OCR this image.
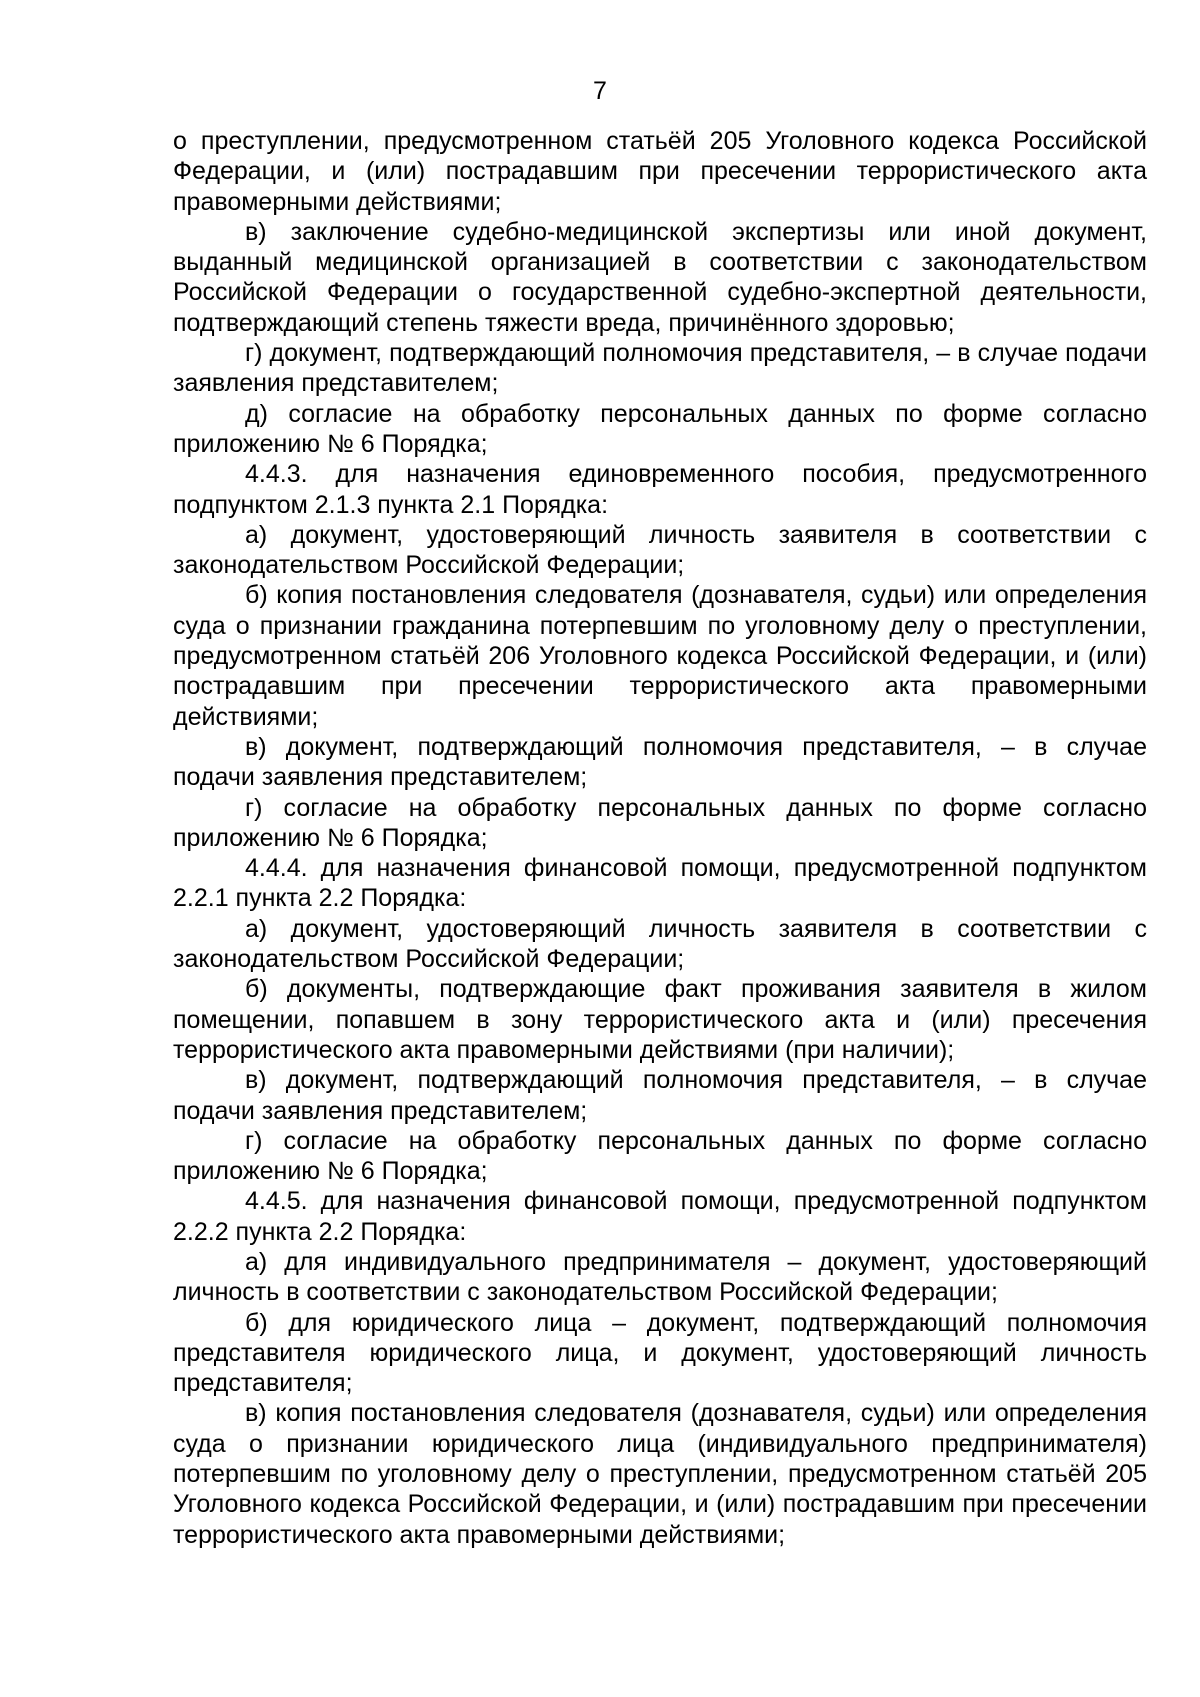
7

о преступлении, предусмотренном статьёй 205 Уголовного кодекса Российской Федерации, и (или) пострадавшим при пресечении террористического акта правомерными действиями;

в) заключение судебно-медицинской экспертизы или иной документ, выданный медицинской организацией в соответствии с законодательством Российской Федерации о государственной судебно-экспертной деятельности, подтверждающий степень тяжести вреда, причинённого здоровью;

г) документ, подтверждающий полномочия представителя, – в случае подачи заявления представителем;

д) согласие на обработку персональных данных по форме согласно приложению № 6 Порядка;

4.4.3. для назначения единовременного пособия, предусмотренного подпунктом 2.1.3 пункта 2.1 Порядка:

а) документ, удостоверяющий личность заявителя в соответствии с законодательством Российской Федерации;

б) копия постановления следователя (дознавателя, судьи) или определения суда о признании гражданина потерпевшим по уголовному делу о преступлении, предусмотренном статьёй 206 Уголовного кодекса Российской Федерации, и (или) пострадавшим при пресечении террористического акта правомерными действиями;

в) документ, подтверждающий полномочия представителя, – в случае подачи заявления представителем;

г) согласие на обработку персональных данных по форме согласно приложению № 6 Порядка;

4.4.4. для назначения финансовой помощи, предусмотренной подпунктом 2.2.1 пункта 2.2 Порядка:

а) документ, удостоверяющий личность заявителя в соответствии с законодательством Российской Федерации;

б) документы, подтверждающие факт проживания заявителя в жилом помещении, попавшем в зону террористического акта и (или) пресечения террористического акта правомерными действиями (при наличии);

в) документ, подтверждающий полномочия представителя, – в случае подачи заявления представителем;

г) согласие на обработку персональных данных по форме согласно приложению № 6 Порядка;

4.4.5. для назначения финансовой помощи, предусмотренной подпунктом 2.2.2 пункта 2.2 Порядка:

а) для индивидуального предпринимателя – документ, удостоверяющий личность в соответствии с законодательством Российской Федерации;

б) для юридического лица – документ, подтверждающий полномочия представителя юридического лица, и документ, удостоверяющий личность представителя;

в) копия постановления следователя (дознавателя, судьи) или определения суда о признании юридического лица (индивидуального предпринимателя) потерпевшим по уголовному делу о преступлении, предусмотренном статьёй 205 Уголовного кодекса Российской Федерации, и (или) пострадавшим при пресечении террористического акта правомерными действиями;
